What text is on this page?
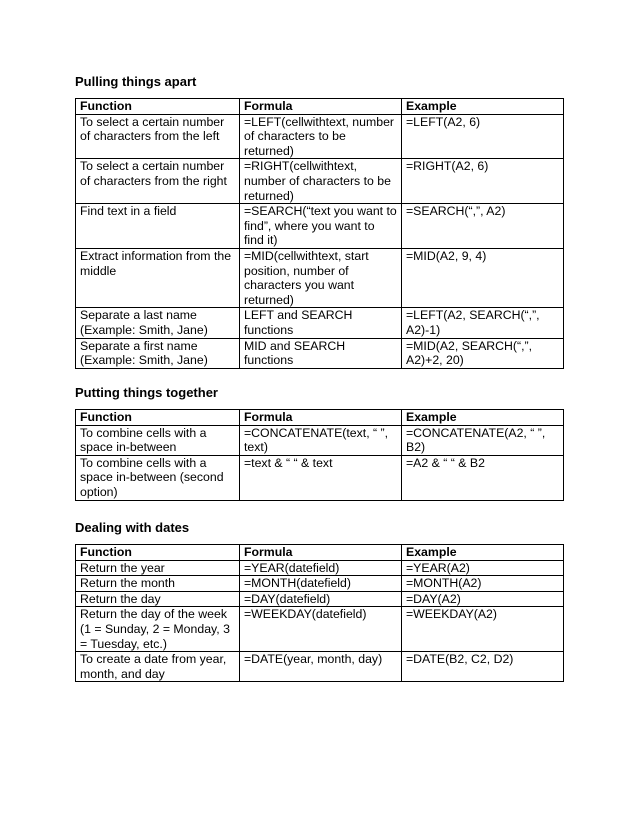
Pulling things apart
Function	Formula	Example
To select a certain number of characters from the left	=LEFT(cellwithtext, number of characters to be returned)	=LEFT(A2, 6)
To select a certain number of characters from the right	=RIGHT(cellwithtext, number of characters to be returned)	=RIGHT(A2, 6)
Find text in a field	=SEARCH(“text you want to find”, where you want to find it)	=SEARCH(“,”, A2)
Extract information from the middle	=MID(cellwithtext, start position, number of characters you want returned)	=MID(A2, 9, 4)
Separate a last name (Example: Smith, Jane)	LEFT and SEARCH functions	=LEFT(A2, SEARCH(“,”, A2)-1)
Separate a first name (Example: Smith, Jane)	MID and SEARCH functions	=MID(A2, SEARCH(“,”, A2)+2, 20)
Putting things together
Function	Formula	Example
To combine cells with a space in-between	=CONCATENATE(text, “ ”, text)	=CONCATENATE(A2, “ ”, B2)
To combine cells with a space in-between (second option)	=text & “ “ & text	=A2 & “ “ & B2
Dealing with dates
Function	Formula	Example
Return the year	=YEAR(datefield)	=YEAR(A2)
Return the month	=MONTH(datefield)	=MONTH(A2)
Return the day	=DAY(datefield)	=DAY(A2)
Return the day of the week (1 = Sunday, 2 = Monday, 3 = Tuesday, etc.)	=WEEKDAY(datefield)	=WEEKDAY(A2)
To create a date from year, month, and day	=DATE(year, month, day)	=DATE(B2, C2, D2)
